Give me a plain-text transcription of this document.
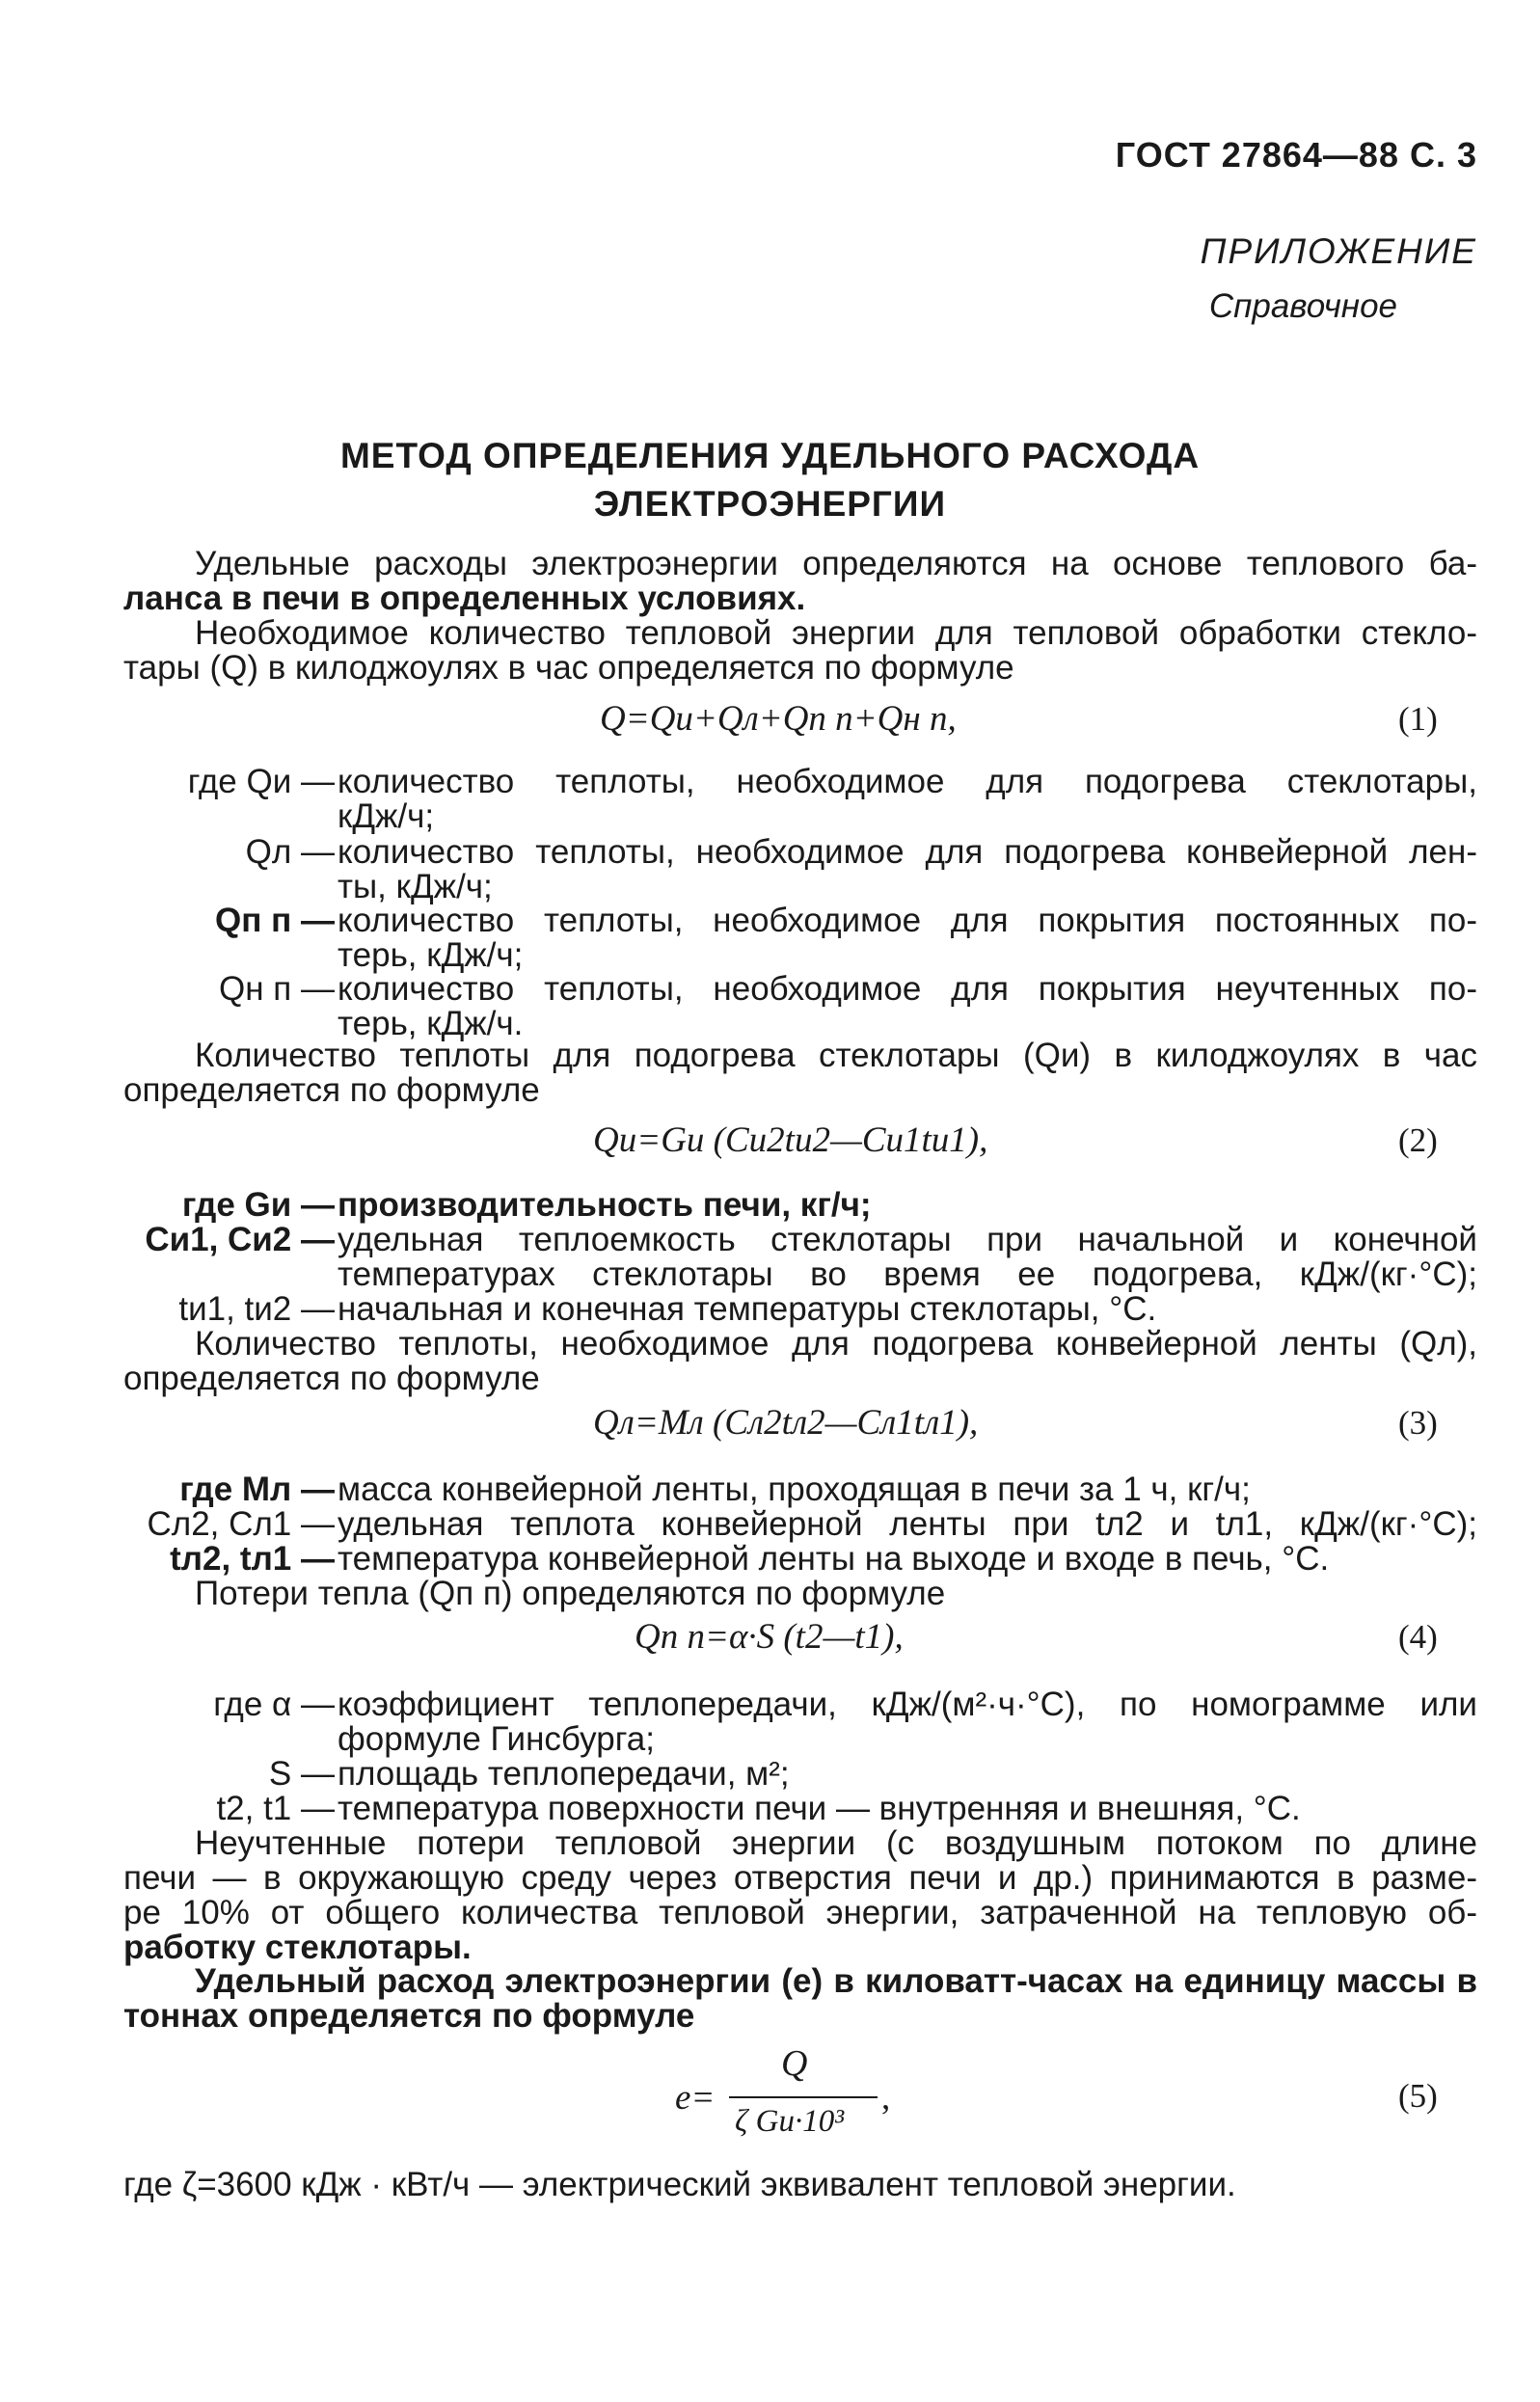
ГОСТ 27864—88 С. 3
ПРИЛОЖЕНИЕ
Справочное
МЕТОД ОПРЕДЕЛЕНИЯ УДЕЛЬНОГО РАСХОДА
ЭЛЕКТРОЭНЕРГИИ
Удельные расходы электроэнергии определяются на основе теплового ба-
ланса в печи в определенных условиях.
Необходимое количество тепловой энергии для тепловой обработки стекло-
тары (Q) в килоджоулях в час определяется по формуле
Q=Qи+Qл+Qп п+Qн п,	(1)
где Qи — количество теплоты, необходимое для подогрева стеклотары,
кДж/ч;
Qл — количество теплоты, необходимое для подогрева конвейерной лен-
ты, кДж/ч;
Qп п — количество теплоты, необходимое для покрытия постоянных по-
терь, кДж/ч;
Qн п — количество теплоты, необходимое для покрытия неучтенных по-
терь, кДж/ч.
Количество теплоты для подогрева стеклотары (Qи) в килоджоулях в час
определяется по формуле
Qи=Gи (Cи2tи2—Cи1tи1),	(2)
где Gи — производительность печи, кг/ч;
Cи1, Cи2 — удельная теплоемкость стеклотары при начальной и конечной
температурах стеклотары во время ее подогрева, кДж/(кг·°С);
tи1, tи2 — начальная и конечная температуры стеклотары, °С.
Количество теплоты, необходимое для подогрева конвейерной ленты (Qл),
определяется по формуле
Qл=Mл (Cл2tл2—Cл1tл1),	(3)
где Mл — масса конвейерной ленты, проходящая в печи за 1 ч, кг/ч;
Cл2, Cл1 — удельная теплота конвейерной ленты при tл2 и tл1, кДж/(кг·°С);
tл2, tл1 — температура конвейерной ленты на выходе и входе в печь, °С.
Потери тепла (Qп п) определяются по формуле
Qп п=α·S (t2—t1),	(4)
где α — коэффициент теплопередачи, кДж/(м²·ч·°С), по номограмме или
формуле Гинсбурга;
S — площадь теплопередачи, м²;
t2, t1 — температура поверхности печи — внутренняя и внешняя, °С.
Неучтенные потери тепловой энергии (с воздушным потоком по длине
печи — в окружающую среду через отверстия печи и др.) принимаются в разме-
ре 10% от общего количества тепловой энергии, затраченной на тепловую об-
работку стеклотары.
Удельный расход электроэнергии (e) в киловатт-часах на единицу массы в
тоннах определяется по формуле
e=
Q
ζ Gи·10³
,	(5)
где ζ=3600 кДж · кВт/ч — электрический эквивалент тепловой энергии.
